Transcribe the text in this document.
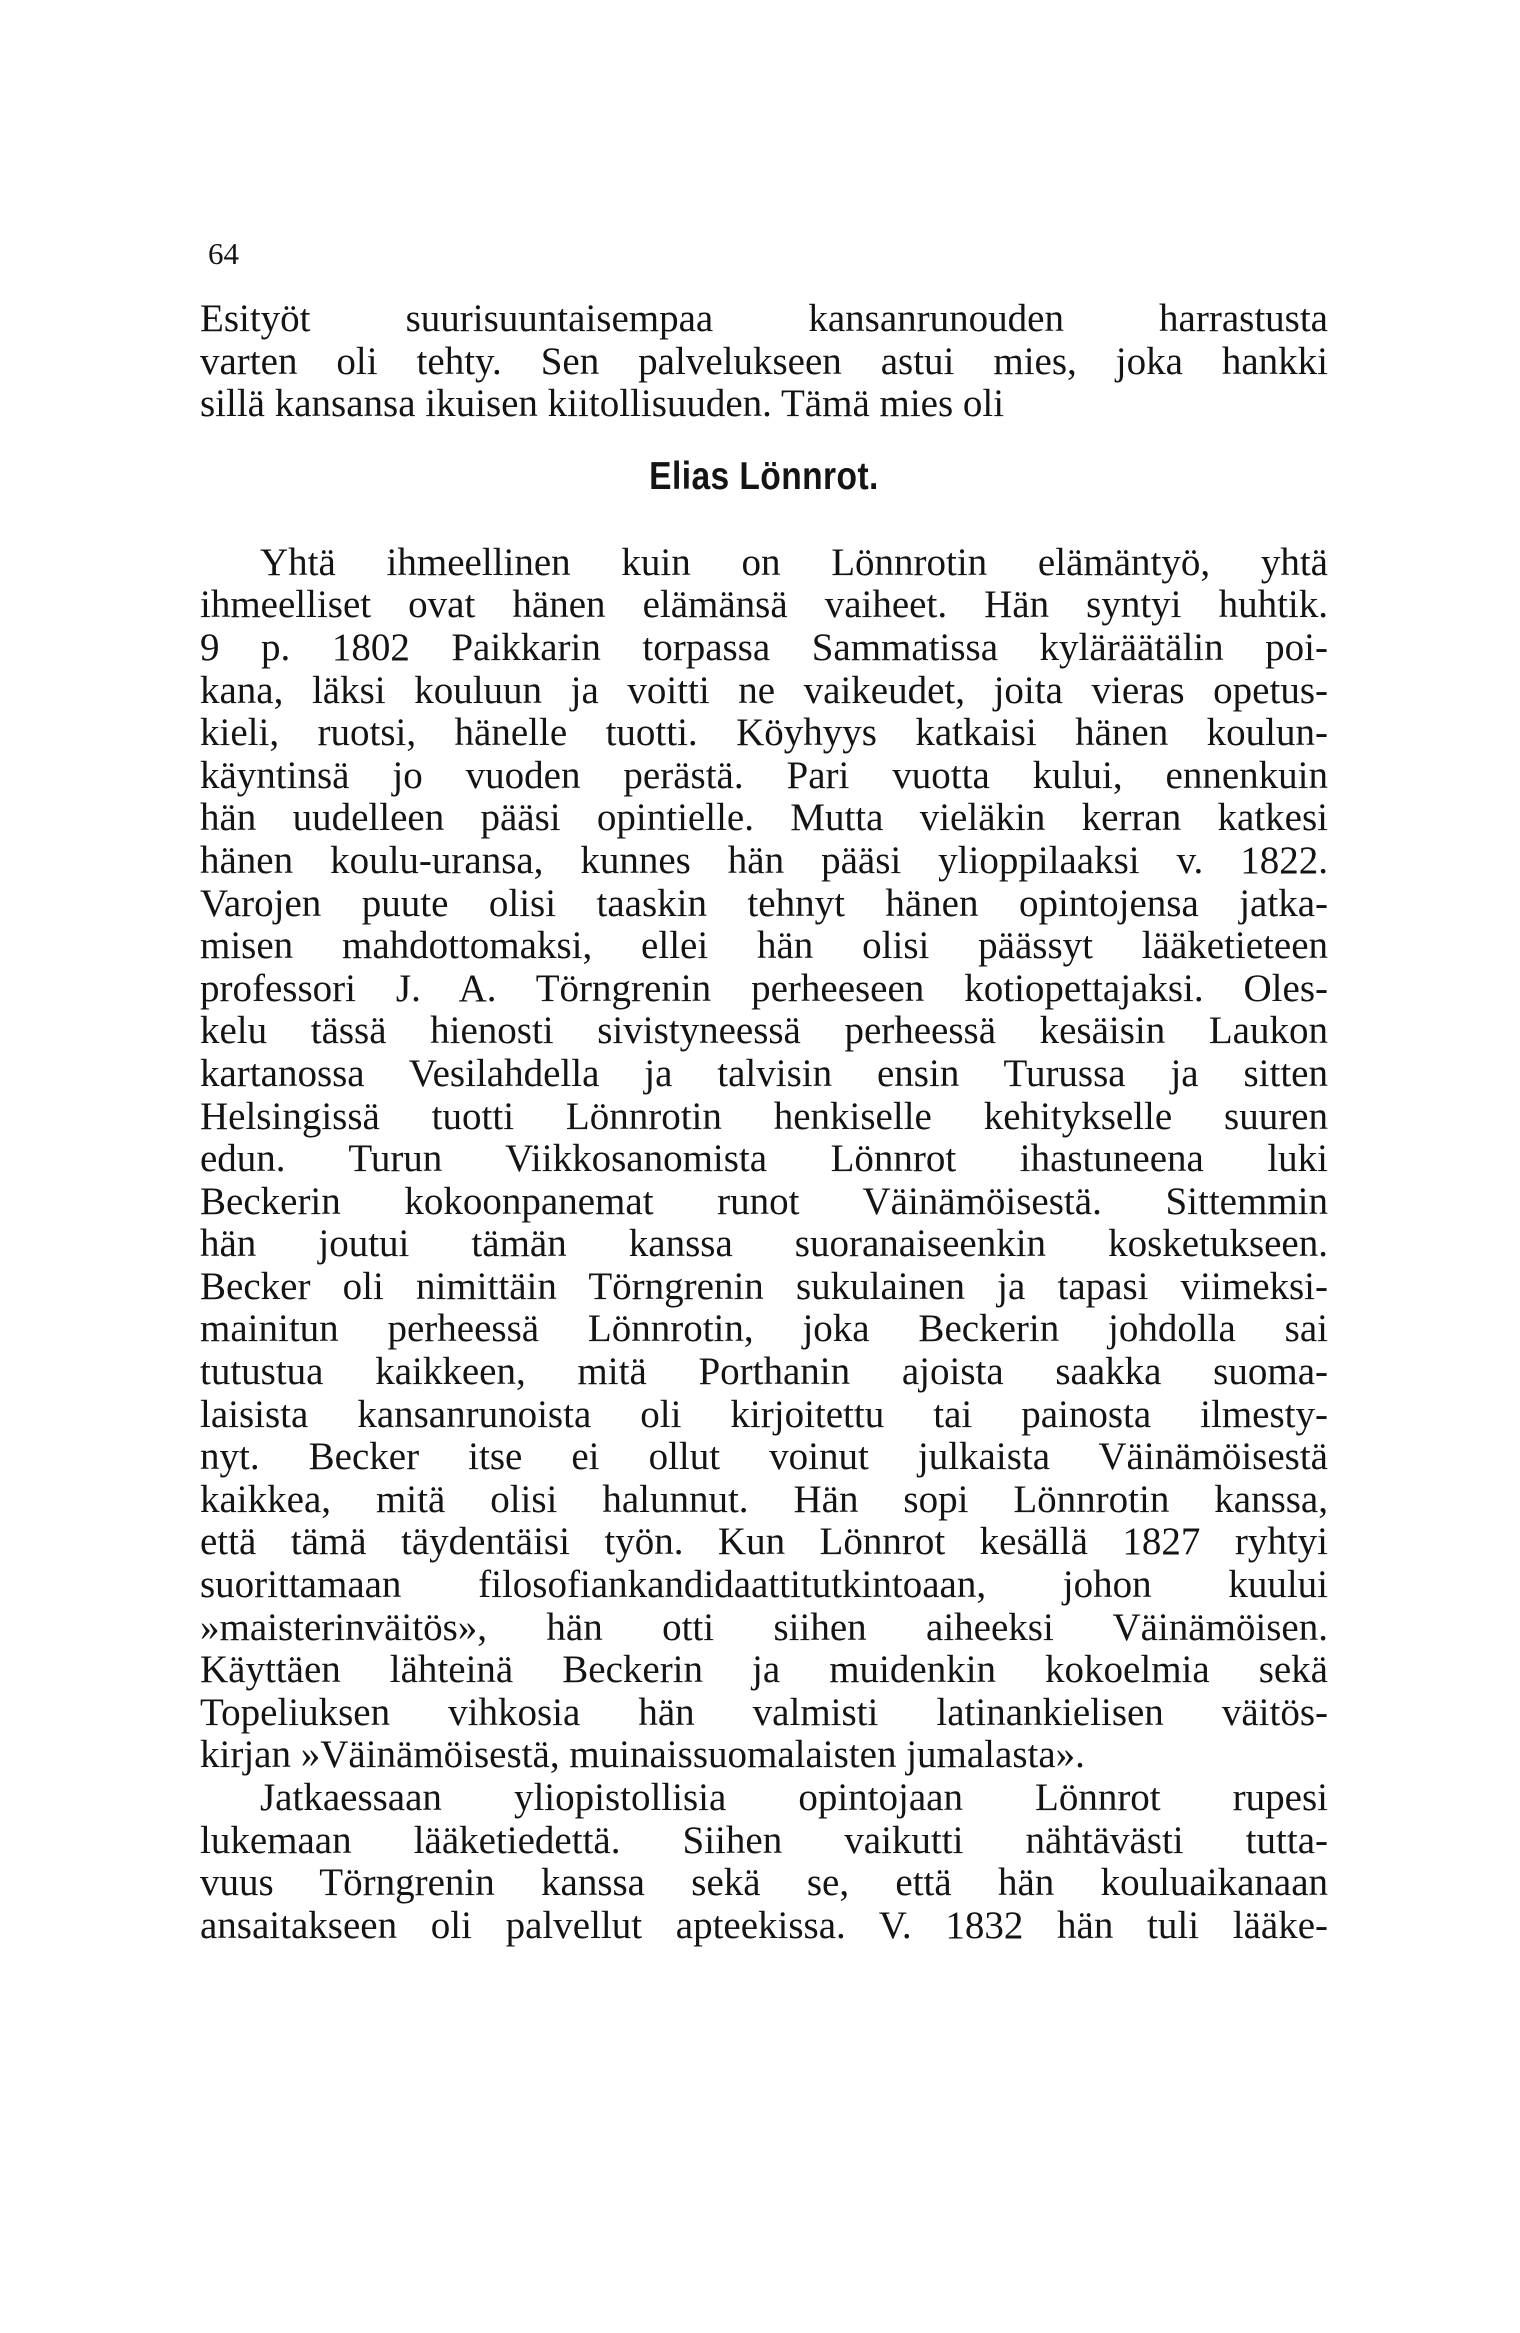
64
Esityöt suurisuuntaisempaa kansanrunouden harrastusta
varten oli tehty. Sen palvelukseen astui mies, joka hankki
sillä kansansa ikuisen kiitollisuuden. Tämä mies oli
Elias Lönnrot.
Yhtä ihmeellinen kuin on Lönnrotin elämäntyö, yhtä
ihmeelliset ovat hänen elämänsä vaiheet. Hän syntyi huhtik.
9 p. 1802 Paikkarin torpassa Sammatissa kyläräätälin poi-
kana, läksi kouluun ja voitti ne vaikeudet, joita vieras opetus-
kieli, ruotsi, hänelle tuotti. Köyhyys katkaisi hänen koulun-
käyntinsä jo vuoden perästä. Pari vuotta kului, ennenkuin
hän uudelleen pääsi opintielle. Mutta vieläkin kerran katkesi
hänen koulu-uransa, kunnes hän pääsi ylioppilaaksi v. 1822.
Varojen puute olisi taaskin tehnyt hänen opintojensa jatka-
misen mahdottomaksi, ellei hän olisi päässyt lääketieteen
professori J. A. Törngrenin perheeseen kotiopettajaksi. Oles-
kelu tässä hienosti sivistyneessä perheessä kesäisin Laukon
kartanossa Vesilahdella ja talvisin ensin Turussa ja sitten
Helsingissä tuotti Lönnrotin henkiselle kehitykselle suuren
edun. Turun Viikkosanomista Lönnrot ihastuneena luki
Beckerin kokoonpanemat runot Väinämöisestä. Sittemmin
hän joutui tämän kanssa suoranaiseenkin kosketukseen.
Becker oli nimittäin Törngrenin sukulainen ja tapasi viimeksi-
mainitun perheessä Lönnrotin, joka Beckerin johdolla sai
tutustua kaikkeen, mitä Porthanin ajoista saakka suoma-
laisista kansanrunoista oli kirjoitettu tai painosta ilmesty-
nyt. Becker itse ei ollut voinut julkaista Väinämöisestä
kaikkea, mitä olisi halunnut. Hän sopi Lönnrotin kanssa,
että tämä täydentäisi työn. Kun Lönnrot kesällä 1827 ryhtyi
suorittamaan filosofiankandidaattitutkintoaan, johon kuului
»maisterinväitös», hän otti siihen aiheeksi Väinämöisen.
Käyttäen lähteinä Beckerin ja muidenkin kokoelmia sekä
Topeliuksen vihkosia hän valmisti latinankielisen väitös-
kirjan »Väinämöisestä, muinaissuomalaisten jumalasta».
Jatkaessaan yliopistollisia opintojaan Lönnrot rupesi
lukemaan lääketiedettä. Siihen vaikutti nähtävästi tutta-
vuus Törngrenin kanssa sekä se, että hän kouluaikanaan
ansaitakseen oli palvellut apteekissa. V. 1832 hän tuli lääke-
